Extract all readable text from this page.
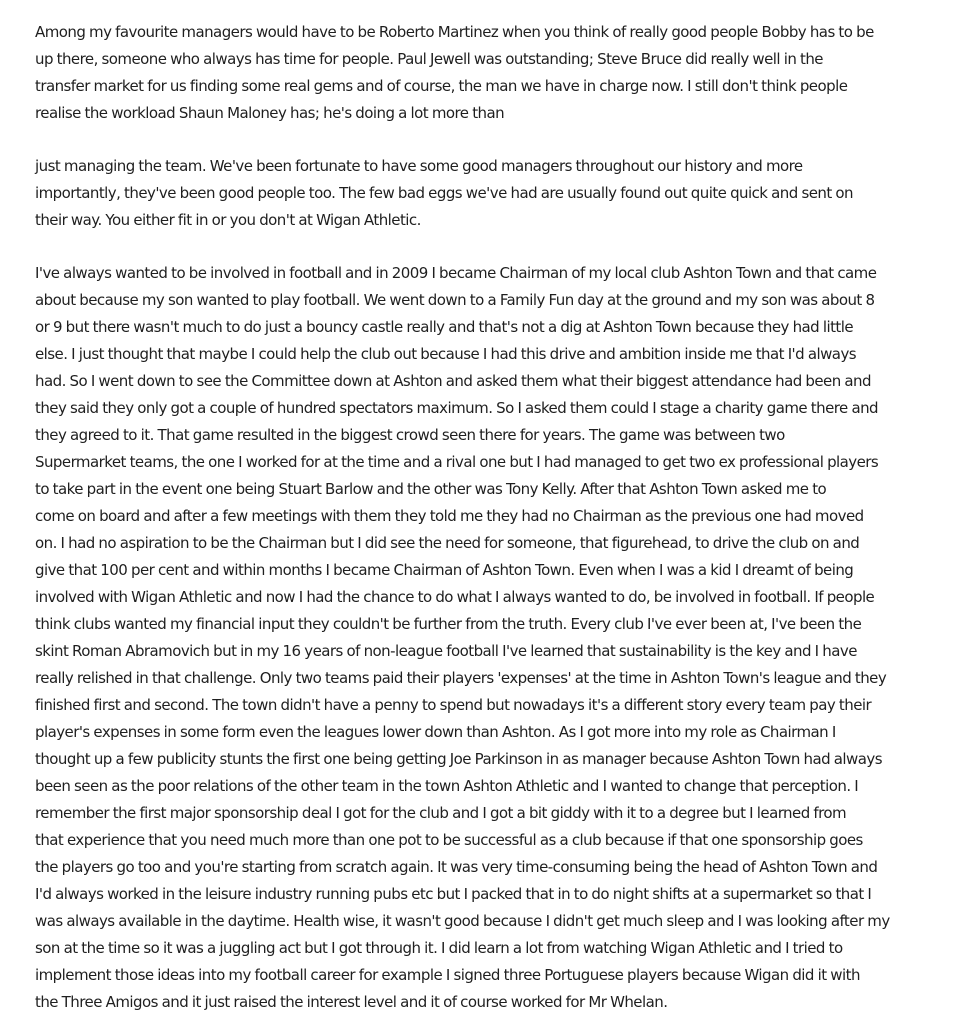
Among my favourite managers would have to be Roberto Martinez when you think of really good people Bobby has to be
up there, someone who always has time for people. Paul Jewell was outstanding; Steve Bruce did really well in the
transfer market for us finding some real gems and of course, the man we have in charge now. I still don't think people
realise the workload Shaun Maloney has; he's doing a lot more than
just managing the team. We've been fortunate to have some good managers throughout our history and more
importantly, they've been good people too. The few bad eggs we've had are usually found out quite quick and sent on
their way. You either fit in or you don't at Wigan Athletic.
I've always wanted to be involved in football and in 2009 I became Chairman of my local club Ashton Town and that came
about because my son wanted to play football. We went down to a Family Fun day at the ground and my son was about 8
or 9 but there wasn't much to do just a bouncy castle really and that's not a dig at Ashton Town because they had little
else. I just thought that maybe I could help the club out because I had this drive and ambition inside me that I'd always
had. So I went down to see the Committee down at Ashton and asked them what their biggest attendance had been and
they said they only got a couple of hundred spectators maximum. So I asked them could I stage a charity game there and
they agreed to it. That game resulted in the biggest crowd seen there for years. The game was between two
Supermarket teams, the one I worked for at the time and a rival one but I had managed to get two ex professional players
to take part in the event one being Stuart Barlow and the other was Tony Kelly. After that Ashton Town asked me to
come on board and after a few meetings with them they told me they had no Chairman as the previous one had moved
on. I had no aspiration to be the Chairman but I did see the need for someone, that figurehead, to drive the club on and
give that 100 per cent and within months I became Chairman of Ashton Town. Even when I was a kid I dreamt of being
involved with Wigan Athletic and now I had the chance to do what I always wanted to do, be involved in football. If people
think clubs wanted my financial input they couldn't be further from the truth. Every club I've ever been at, I've been the
skint Roman Abramovich but in my 16 years of non-league football I've learned that sustainability is the key and I have
really relished in that challenge. Only two teams paid their players 'expenses' at the time in Ashton Town's league and they
finished first and second. The town didn't have a penny to spend but nowadays it's a different story every team pay their
player's expenses in some form even the leagues lower down than Ashton. As I got more into my role as Chairman I
thought up a few publicity stunts the first one being getting Joe Parkinson in as manager because Ashton Town had always
been seen as the poor relations of the other team in the town Ashton Athletic and I wanted to change that perception. I
remember the first major sponsorship deal I got for the club and I got a bit giddy with it to a degree but I learned from
that experience that you need much more than one pot to be successful as a club because if that one sponsorship goes
the players go too and you're starting from scratch again. It was very time-consuming being the head of Ashton Town and
I'd always worked in the leisure industry running pubs etc but I packed that in to do night shifts at a supermarket so that I
was always available in the daytime. Health wise, it wasn't good because I didn't get much sleep and I was looking after my
son at the time so it was a juggling act but I got through it. I did learn a lot from watching Wigan Athletic and I tried to
implement those ideas into my football career for example I signed three Portuguese players because Wigan did it with
the Three Amigos and it just raised the interest level and it of course worked for Mr Whelan.
